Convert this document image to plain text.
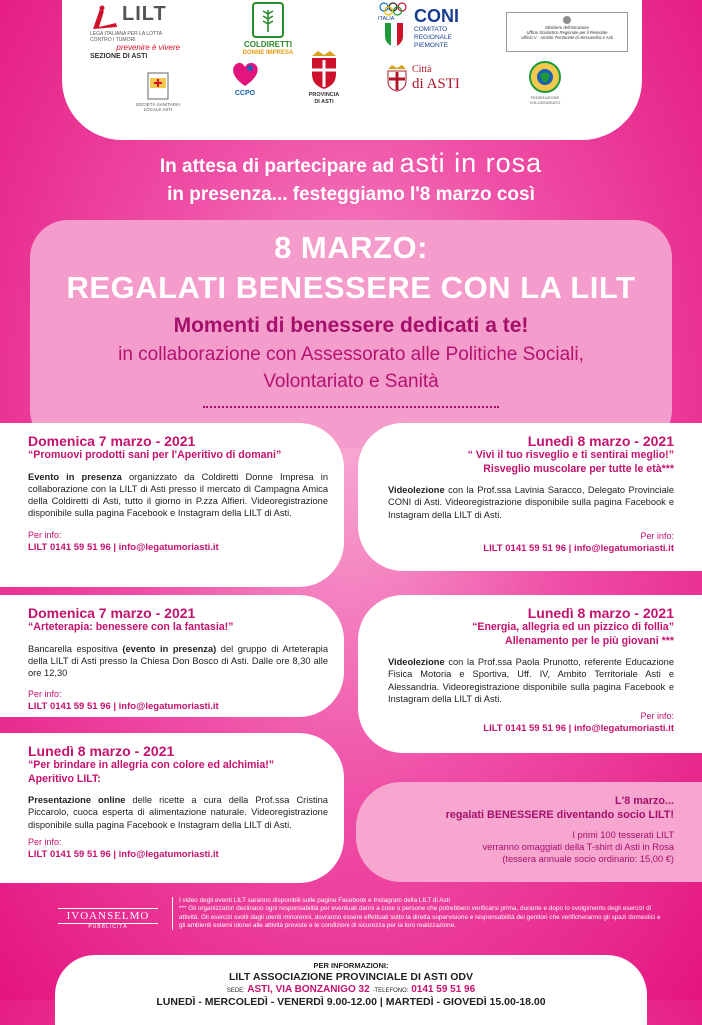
LILT
LEGA ITALIANA PER LA LOTTA CONTRO I TUMORI
prevenire è vivere
SEZIONE DI ASTI
COLDIRETTI
DONNE IMPRESA
ITALIA CONI
COMITATO
REGIONALE
PIEMONTE
Ministero dell'Istruzione
Ufficio Scolastico Regionale per il Piemonte
Ufficio V - Ambito Territoriale di Alessandria e Asti
SOCIETÀ SANITARIA
LOCALE ASTI
CCPO	PROVINCIA
DI ASTI
Città
di ASTI
FEDERAZIONE
VOLONTARIATO
In attesa di partecipare ad asti in rosa
in presenza... festeggiamo l'8 marzo così
8 MARZO:
REGALATI BENESSERE CON LA LILT
Momenti di benessere dedicati a te!
in collaborazione con Assessorato alle Politiche Sociali,
Volontariato e Sanità
Domenica 7 marzo - 2021
“Promuovi prodotti sani per l'Aperitivo di domani”
Evento in presenza organizzato da Coldiretti Donne Impresa in collaborazione con la LILT di Asti presso il mercato di Campagna Amica della Coldiretti di Asti, tutto il giorno in P.zza Alfieri. Videoregistrazione disponibile sulla pagina Facebook e Instagram della LILT di Asti.
Per info:
LILT 0141 59 51 96 | info@legatumoriasti.it
Lunedì 8 marzo - 2021
“ Vivi il tuo risveglio e ti sentirai meglio!”
Risveglio muscolare per tutte le età***
Videolezione con la Prof.ssa Lavinia Saracco, Delegato Provinciale CONI di Asti. Videoregistrazione disponibile sulla pagina Facebook e Instagram della LILT di Asti.
Per info:
LILT 0141 59 51 96 | info@legatumoriasti.it
Domenica 7 marzo - 2021
“Arteterapia: benessere con la fantasia!”
Bancarella espositiva (evento in presenza) del gruppo di Arteterapia della LILT di Asti presso la Chiesa Don Bosco di Asti. Dalle ore 8,30 alle ore 12,30
Per info:
LILT 0141 59 51 96 | info@legatumoriasti.it
Lunedì 8 marzo - 2021
“Energia, allegria ed un pizzico di follia”
Allenamento per le più giovani ***
Videolezione con la Prof.ssa Paola Prunotto, referente Educazione Fisica Motoria e Sportiva, Uff. IV, Ambito Territoriale Asti e Alessandria. Videoregistrazione disponibile sulla pagina Facebook e Instagram della LILT di Asti.
Per info:
LILT 0141 59 51 96 | info@legatumoriasti.it
Lunedì 8 marzo - 2021
“Per brindare in allegria con colore ed alchimia!”
Aperitivo LILT:
Presentazione online delle ricette a cura della Prof.ssa Cristina Piccarolo, cuoca esperta di alimentazione naturale. Videoregistrazione disponibile sulla pagina Facebook e Instagram della LILT di Asti.
Per info:
LILT 0141 59 51 96 | info@legatumoriasti.it
L'8 marzo...
regalati BENESSERE diventando socio LILT!
I primi 100 tesserati LILT
verranno omaggiati della T-shirt di Asti in Rosa
(tessera annuale socio ordinario: 15,00 €)
IVOANSELMO
PUBBLICITÀ
I video degli eventi LILT saranno disponibili sulle pagine Facebook e Instagram della LILT di Asti
*** Gli organizzatori declinano ogni responsabilità per eventuali danni a cose o persone che potrebbero verificarsi prima, durante e dopo lo svolgimento degli esercizi di attività. Gli esercizi svolti dagli utenti minorenni, dovranno essere effettuati sotto la diretta supervisione e responsabilità dei genitori che verificheranno gli spazi domestici e gli ambienti esterni idonei alle attività previste e le condizioni di sicurezza per la loro realizzazione.
PER INFORMAZIONI:
LILT ASSOCIAZIONE PROVINCIALE DI ASTI ODV
SEDE: ASTI, VIA BONZANIGO 32 -TELEFONO: 0141 59 51 96
LUNEDÌ - MERCOLEDÌ - VENERDÌ 9.00-12.00 | MARTEDÌ - GIOVEDÌ 15.00-18.00
